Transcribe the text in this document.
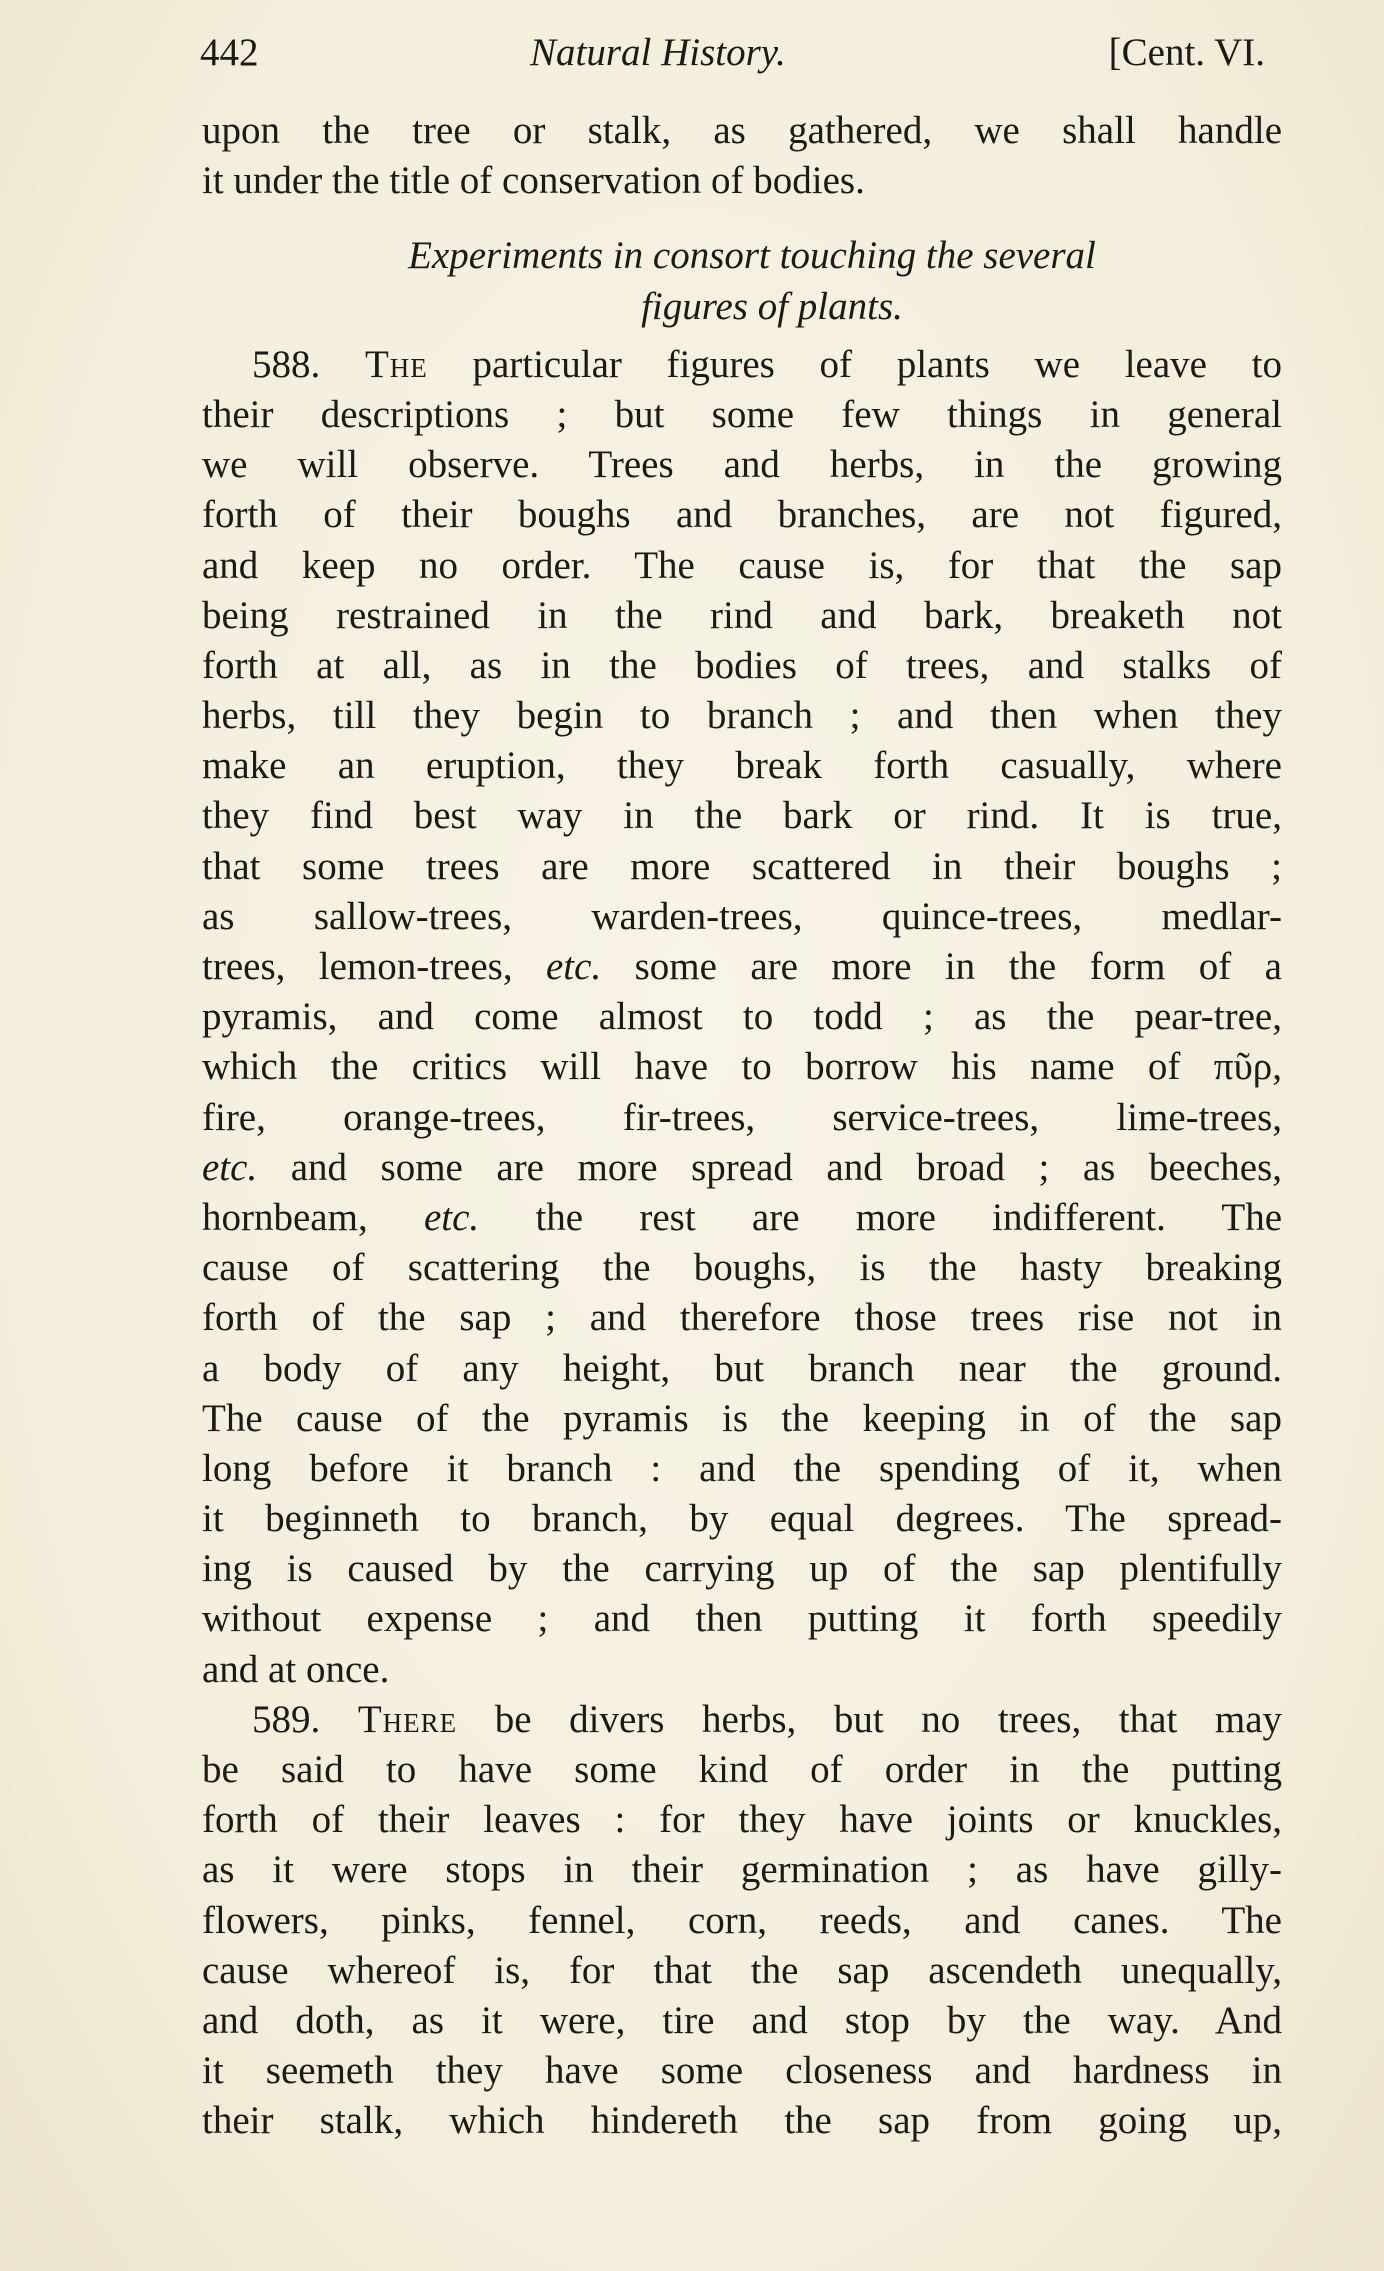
442	Natural History.	[Cent. VI.
upon the tree or stalk, as gathered, we shall handle
it under the title of conservation of bodies.
Experiments in consort touching the several
figures of plants.
588. The particular figures of plants we leave to
their descriptions ; but some few things in general
we will observe. Trees and herbs, in the growing
forth of their boughs and branches, are not figured,
and keep no order. The cause is, for that the sap
being restrained in the rind and bark, breaketh not
forth at all, as in the bodies of trees, and stalks of
herbs, till they begin to branch ; and then when they
make an eruption, they break forth casually, where
they find best way in the bark or rind. It is true,
that some trees are more scattered in their boughs ;
as sallow-trees, warden-trees, quince-trees, medlar-
trees, lemon-trees, etc. some are more in the form of a
pyramis, and come almost to todd ; as the pear-tree,
which the critics will have to borrow his name of πῦρ,
fire, orange-trees, fir-trees, service-trees, lime-trees,
etc. and some are more spread and broad ; as beeches,
hornbeam, etc. the rest are more indifferent. The
cause of scattering the boughs, is the hasty breaking
forth of the sap ; and therefore those trees rise not in
a body of any height, but branch near the ground.
The cause of the pyramis is the keeping in of the sap
long before it branch : and the spending of it, when
it beginneth to branch, by equal degrees. The spread-
ing is caused by the carrying up of the sap plentifully
without expense ; and then putting it forth speedily
and at once.
589. There be divers herbs, but no trees, that may
be said to have some kind of order in the putting
forth of their leaves : for they have joints or knuckles,
as it were stops in their germination ; as have gilly-
flowers, pinks, fennel, corn, reeds, and canes. The
cause whereof is, for that the sap ascendeth unequally,
and doth, as it were, tire and stop by the way. And
it seemeth they have some closeness and hardness in
their stalk, which hindereth the sap from going up,
